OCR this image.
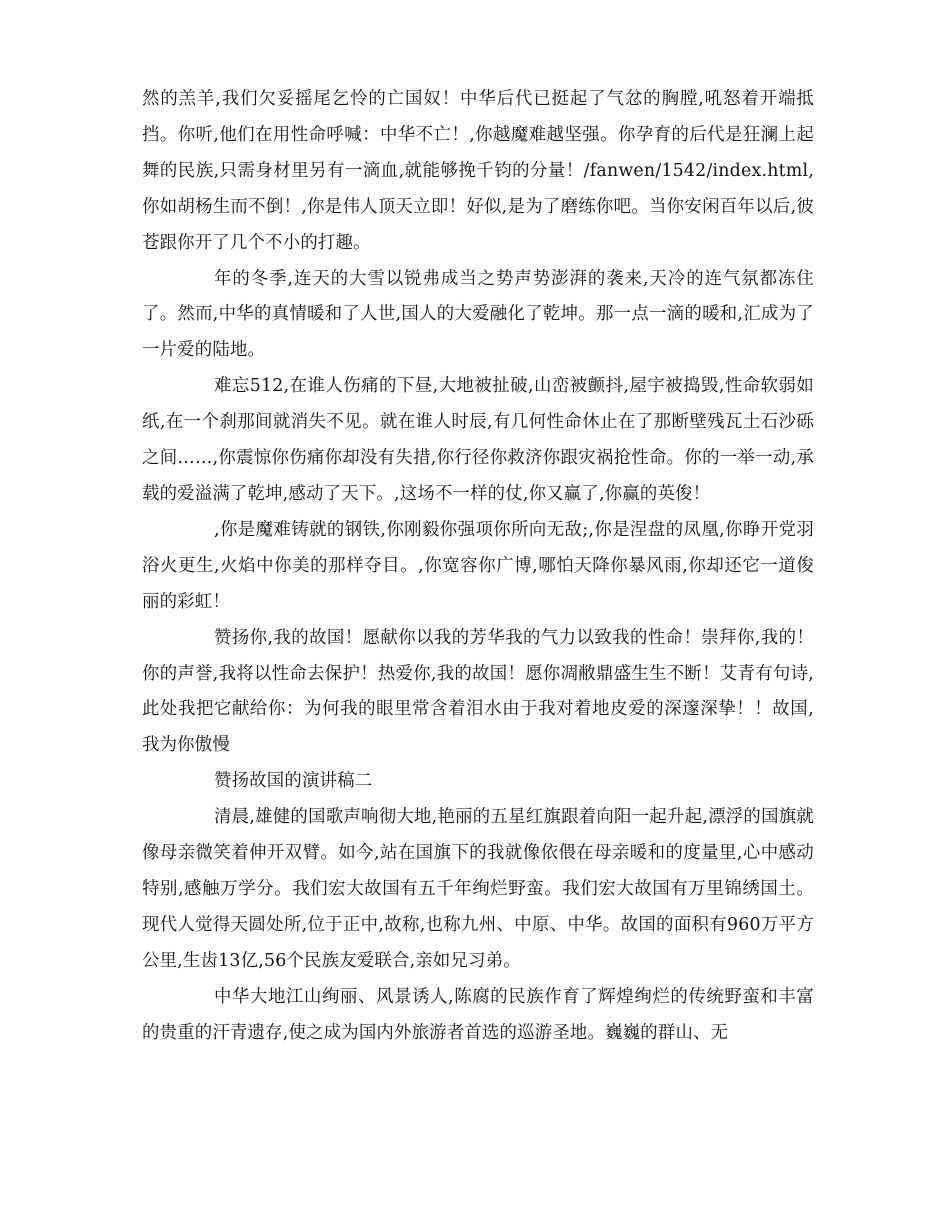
然的羔羊,我们欠妥摇尾乞怜的亡国奴！中华后代已挺起了气忿的胸膛,吼怒着开端抵挡。你听,他们在用性命呼喊：中华不亡！,你越魔难越坚强。你孕育的后代是狂澜上起舞的民族,只需身材里另有一滴血,就能够挽千钧的分量！/fanwen/1542/index.html,你如胡杨生而不倒！,你是伟人顶天立即！好似,是为了磨练你吧。当你安闲百年以后,彼苍跟你开了几个不小的打趣。

年的冬季,连天的大雪以锐弗成当之势声势澎湃的袭来,天冷的连气氛都冻住了。然而,中华的真情暖和了人世,国人的大爱融化了乾坤。那一点一滴的暖和,汇成为了一片爱的陆地。

难忘512,在谁人伤痛的下昼,大地被扯破,山峦被颤抖,屋宇被捣毁,性命软弱如纸,在一个刹那间就消失不见。就在谁人时辰,有几何性命休止在了那断壁残瓦土石沙砾之间……,你震惊你伤痛你却没有失措,你行径你救济你跟灾祸抢性命。你的一举一动,承载的爱溢满了乾坤,感动了天下。,这场不一样的仗,你又赢了,你赢的英俊！

,你是魔难铸就的钢铁,你刚毅你强项你所向无敌;,你是涅盘的凤凰,你睁开党羽浴火更生,火焰中你美的那样夺目。,你宽容你广博,哪怕天降你暴风雨,你却还它一道俊丽的彩虹！

赞扬你,我的故国！愿献你以我的芳华我的气力以致我的性命！崇拜你,我的！你的声誉,我将以性命去保护！热爱你,我的故国！愿你凋敝鼎盛生生不断！艾青有句诗,此处我把它献给你：为何我的眼里常含着泪水由于我对着地皮爱的深邃深挚！！故国,我为你傲慢

赞扬故国的演讲稿二

清晨,雄健的国歌声响彻大地,艳丽的五星红旗跟着向阳一起升起,漂浮的国旗就像母亲微笑着伸开双臂。如今,站在国旗下的我就像依偎在母亲暖和的度量里,心中感动特别,感触万学分。我们宏大故国有五千年绚烂野蛮。我们宏大故国有万里锦绣国土。现代人觉得天圆处所,位于正中,故称,也称九州、中原、中华。故国的面积有960万平方公里,生齿13亿,56个民族友爱联合,亲如兄习弟。

中华大地江山绚丽、风景诱人,陈腐的民族作育了辉煌绚烂的传统野蛮和丰富的贵重的汗青遗存,使之成为国内外旅游者首选的巡游圣地。巍巍的群山、无
